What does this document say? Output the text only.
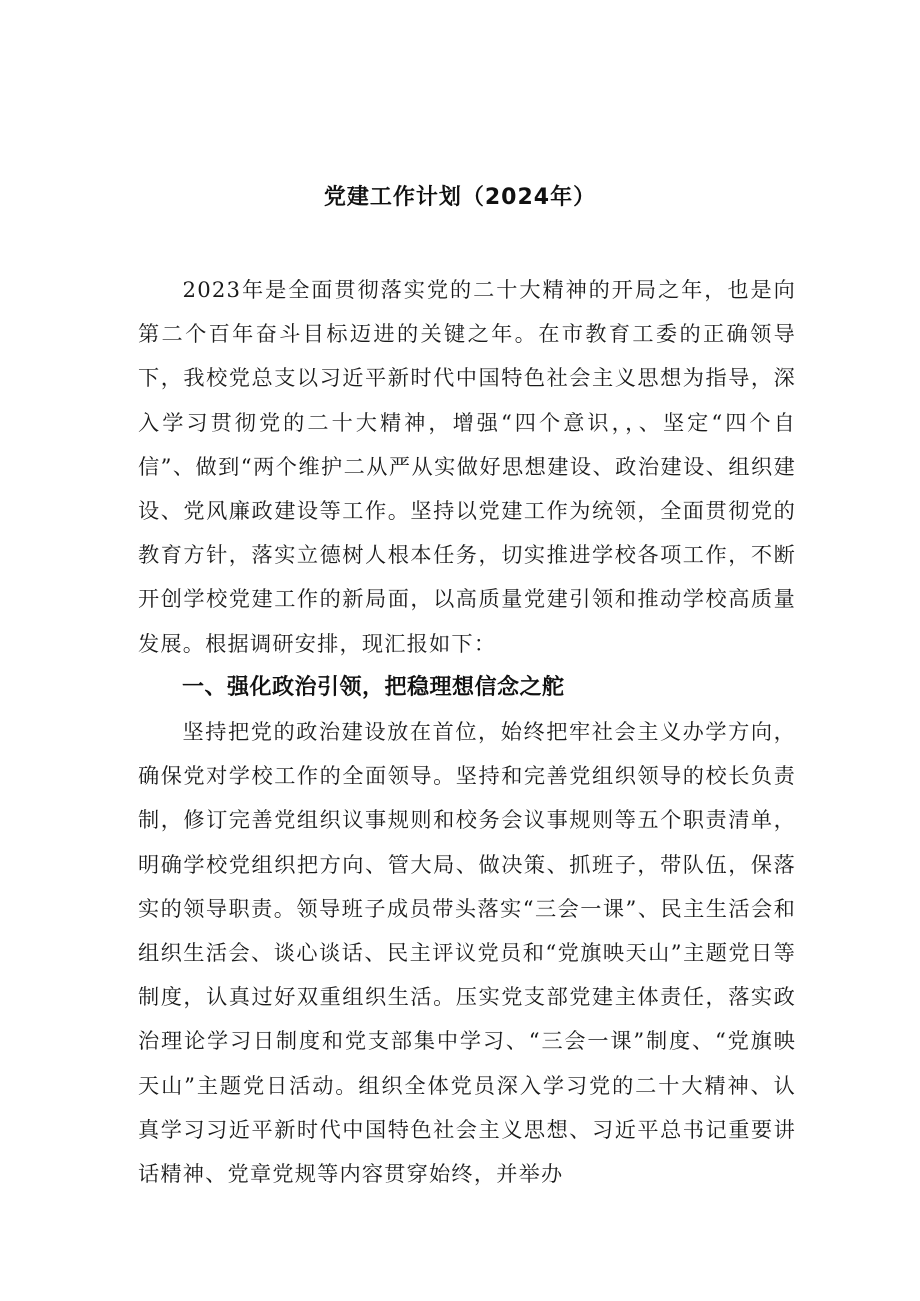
党建工作计划（2024年）

2023年是全面贯彻落实党的二十大精神的开局之年，也是向第二个百年奋斗目标迈进的关键之年。在市教育工委的正确领导下，我校党总支以习近平新时代中国特色社会主义思想为指导，深入学习贯彻党的二十大精神，增强“四个意识，，、坚定“四个自信”、做到“两个维护二从严从实做好思想建设、政治建设、组织建设、党风廉政建设等工作。坚持以党建工作为统领，全面贯彻党的教育方针，落实立德树人根本任务，切实推进学校各项工作，不断开创学校党建工作的新局面，以高质量党建引领和推动学校高质量发展。根据调研安排，现汇报如下：

一、强化政治引领，把稳理想信念之舵

坚持把党的政治建设放在首位，始终把牢社会主义办学方向，确保党对学校工作的全面领导。坚持和完善党组织领导的校长负责制，修订完善党组织议事规则和校务会议事规则等五个职责清单，明确学校党组织把方向、管大局、做决策、抓班子，带队伍，保落实的领导职责。领导班子成员带头落实“三会一课”、民主生活会和组织生活会、谈心谈话、民主评议党员和“党旗映天山”主题党日等制度，认真过好双重组织生活。压实党支部党建主体责任，落实政治理论学习日制度和党支部集中学习、“三会一课”制度、“党旗映天山”主题党日活动。组织全体党员深入学习党的二十大精神、认真学习习近平新时代中国特色社会主义思想、习近平总书记重要讲话精神、党章党规等内容贯穿始终，并举办
